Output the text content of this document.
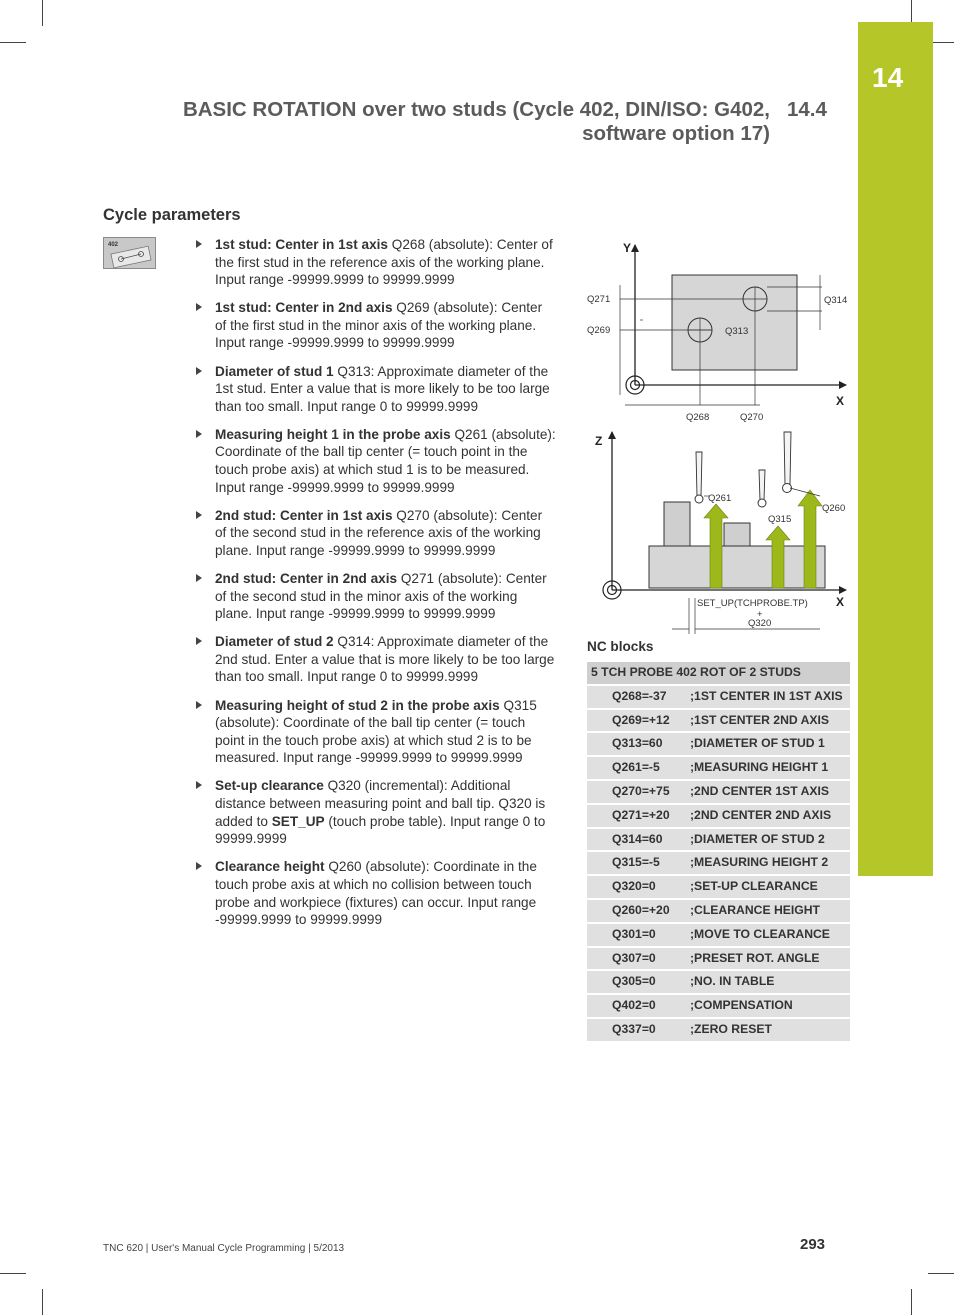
14
BASIC ROTATION over two studs (Cycle 402, DIN/ISO: G402,
software option 17)
14.4
Cycle parameters
402	1st stud: Center in 1st axis Q268 (absolute): Center of the first stud in the reference axis of the working plane. Input range -99999.9999 to 99999.9999
1st stud: Center in 2nd axis Q269 (absolute): Center of the first stud in the minor axis of the working plane. Input range -99999.9999 to 99999.9999
Diameter of stud 1 Q313: Approximate diameter of the 1st stud. Enter a value that is more likely to be too large than too small. Input range 0 to 99999.9999
Measuring height 1 in the probe axis Q261 (absolute): Coordinate of the ball tip center (= touch point in the touch probe axis) at which stud 1 is to be measured. Input range -99999.9999 to 99999.9999
2nd stud: Center in 1st axis Q270 (absolute): Center of the second stud in the reference axis of the working plane. Input range -99999.9999 to 99999.9999
2nd stud: Center in 2nd axis Q271 (absolute): Center of the second stud in the minor axis of the working plane. Input range -99999.9999 to 99999.9999
Diameter of stud 2 Q314: Approximate diameter of the 2nd stud. Enter a value that is more likely to be too large than too small. Input range 0 to 99999.9999
Measuring height of stud 2 in the probe axis Q315 (absolute): Coordinate of the ball tip center (= touch point in the touch probe axis) at which stud 2 is to be measured. Input range -99999.9999 to 99999.9999
Set-up clearance Q320 (incremental): Additional distance between measuring point and ball tip. Q320 is added to SET_UP (touch probe table). Input range 0 to 99999.9999
Clearance height Q260 (absolute): Coordinate in the touch probe axis at which no collision between touch probe and workpiece (fixtures) can occur. Input range -99999.9999 to 99999.9999
Y
X
Q271
Q269
Q314
Q313
Q268	Q270
Z
X
Q261
Q315
Q260
SET_UP(TCHPROBE.TP)
+
Q320
NC blocks
5 TCH PROBE 402 ROT OF 2 STUDS	
Q268=-37	;1ST CENTER IN 1ST AXIS
Q269=+12	;1ST CENTER 2ND AXIS
Q313=60	;DIAMETER OF STUD 1
Q261=-5	;MEASURING HEIGHT 1
Q270=+75	;2ND CENTER 1ST AXIS
Q271=+20	;2ND CENTER 2ND AXIS
Q314=60	;DIAMETER OF STUD 2
Q315=-5	;MEASURING HEIGHT 2
Q320=0	;SET-UP CLEARANCE
Q260=+20	;CLEARANCE HEIGHT
Q301=0	;MOVE TO CLEARANCE
Q307=0	;PRESET ROT. ANGLE
Q305=0	;NO. IN TABLE
Q402=0	;COMPENSATION
Q337=0	;ZERO RESET
TNC 620 | User's Manual Cycle Programming | 5/2013	293
